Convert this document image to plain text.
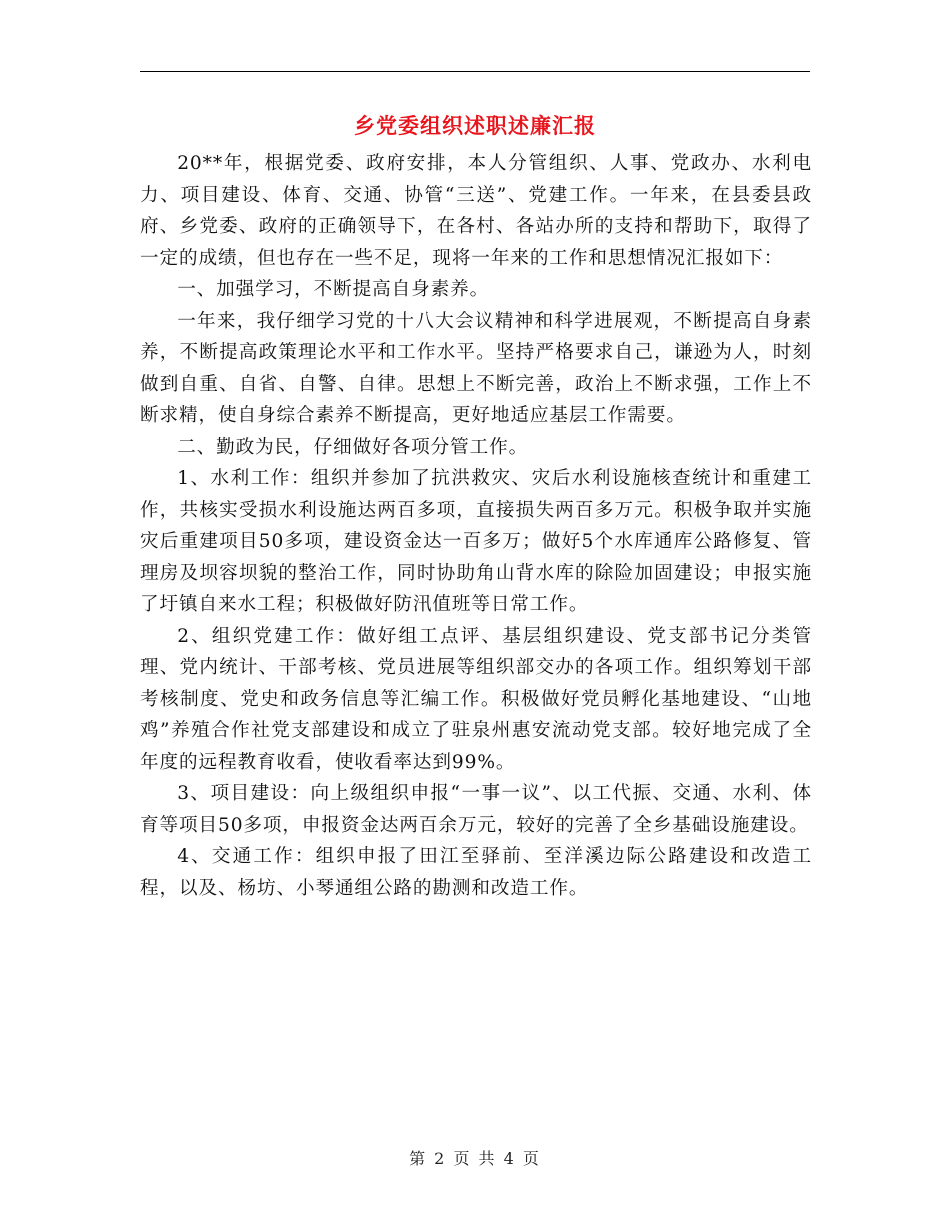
乡党委组织述职述廉汇报

20**年，根据党委、政府安排，本人分管组织、人事、党政办、水利电力、项目建设、体育、交通、协管“三送”、党建工作。一年来，在县委县政府、乡党委、政府的正确领导下，在各村、各站办所的支持和帮助下，取得了一定的成绩，但也存在一些不足，现将一年来的工作和思想情况汇报如下：

一、加强学习，不断提高自身素养。

一年来，我仔细学习党的十八大会议精神和科学进展观，不断提高自身素养，不断提高政策理论水平和工作水平。坚持严格要求自己，谦逊为人，时刻做到自重、自省、自警、自律。思想上不断完善，政治上不断求强，工作上不断求精，使自身综合素养不断提高，更好地适应基层工作需要。

二、勤政为民，仔细做好各项分管工作。

1、水利工作：组织并参加了抗洪救灾、灾后水利设施核查统计和重建工作，共核实受损水利设施达两百多项，直接损失两百多万元。积极争取并实施灾后重建项目50多项，建设资金达一百多万；做好5个水库通库公路修复、管理房及坝容坝貌的整治工作，同时协助角山背水库的除险加固建设；申报实施了圩镇自来水工程；积极做好防汛值班等日常工作。

2、组织党建工作：做好组工点评、基层组织建设、党支部书记分类管理、党内统计、干部考核、党员进展等组织部交办的各项工作。组织筹划干部考核制度、党史和政务信息等汇编工作。积极做好党员孵化基地建设、“山地鸡”养殖合作社党支部建设和成立了驻泉州惠安流动党支部。较好地完成了全年度的远程教育收看，使收看率达到99%。

3、项目建设：向上级组织申报“一事一议”、以工代振、交通、水利、体育等项目50多项，申报资金达两百余万元，较好的完善了全乡基础设施建设。

4、交通工作：组织申报了田江至驿前、至洋溪边际公路建设和改造工程，以及、杨坊、小琴通组公路的勘测和改造工作。

第 2 页 共 4 页
